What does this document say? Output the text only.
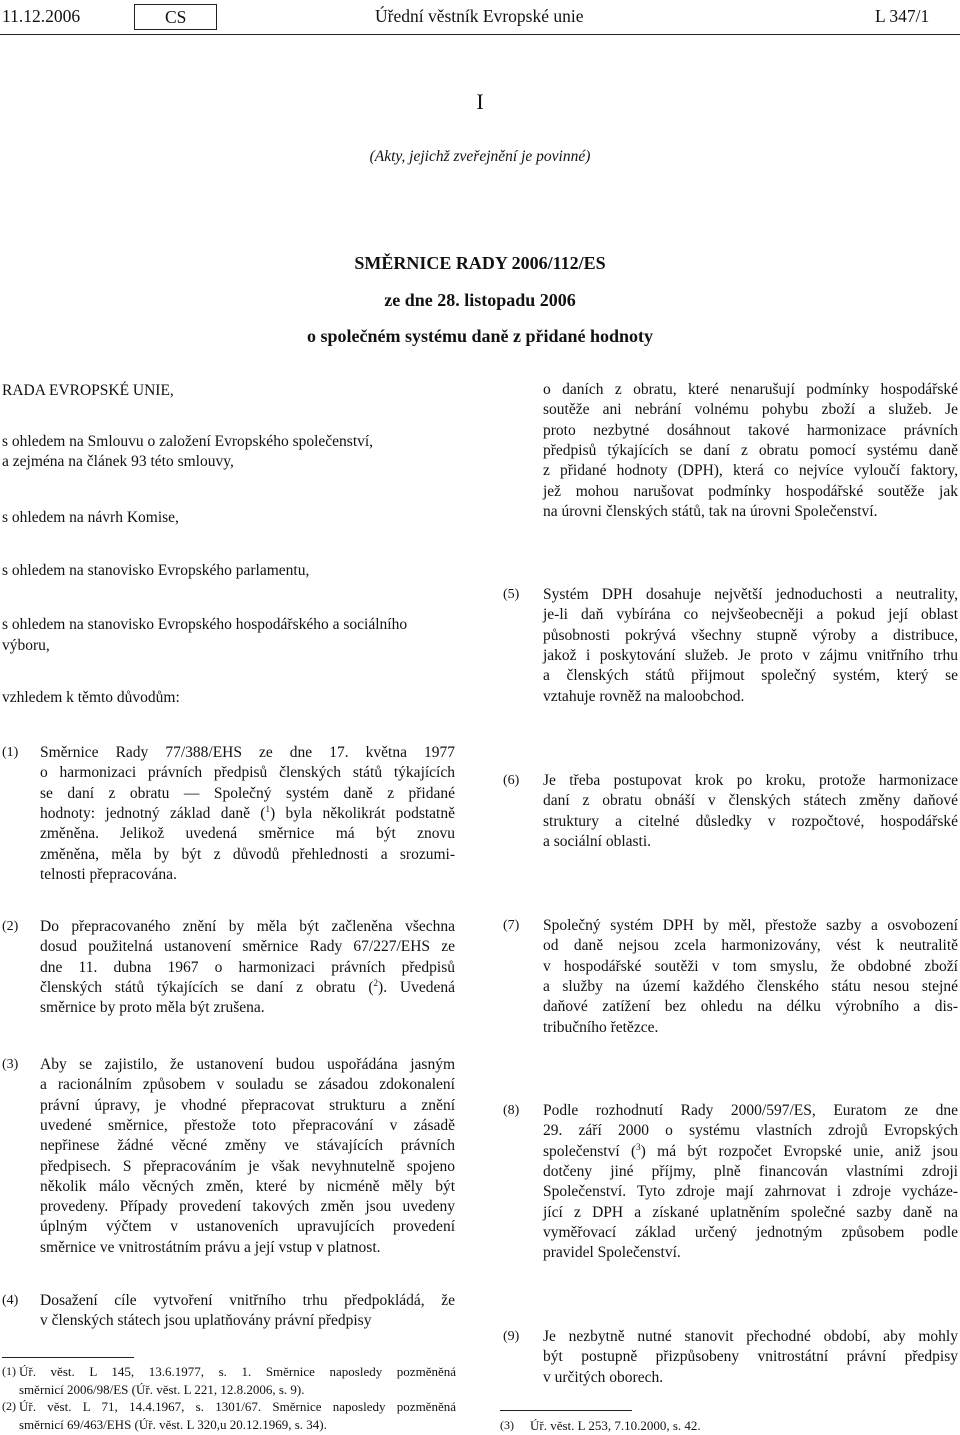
11.12.2006	CS	Úřední věstník Evropské unie	L 347/1
I
(Akty, jejichž zveřejnění je povinné)
SMĚRNICE RADY 2006/112/ES
ze dne 28. listopadu 2006
o společném systému daně z přidané hodnoty
RADA EVROPSKÉ UNIE,
s ohledem na Smlouvu o založení Evropského společenství,
a zejména na článek 93 této smlouvy,
s ohledem na návrh Komise,
s ohledem na stanovisko Evropského parlamentu,
s ohledem na stanovisko Evropského hospodářského a sociálního
výboru,
vzhledem k těmto důvodům:
(1) Směrnice Rady 77/388/EHS ze dne 17. května 1977
o harmonizaci právních předpisů členských států týkajících
se daní z obratu — Společný systém daně z přidané
hodnoty: jednotný základ daně ($^1$) byla několikrát podstatně
změněna. Jelikož uvedená směrnice má být znovu
změněna, měla by být z důvodů přehlednosti a srozumi-
telnosti přepracována.
(2) Do přepracovaného znění by měla být začleněna všechna
dosud použitelná ustanovení směrnice Rady 67/227/EHS ze
dne 11. dubna 1967 o harmonizaci právních předpisů
členských států týkajících se daní z obratu ($^2$). Uvedená
směrnice by proto měla být zrušena.
(3) Aby se zajistilo, že ustanovení budou uspořádána jasným
a racionálním způsobem v souladu se zásadou zdokonalení
právní úpravy, je vhodné přepracovat strukturu a znění
uvedené směrnice, přestože toto přepracování v zásadě
nepřinese žádné věcné změny ve stávajících právních
předpisech. S přepracováním je však nevyhnutelně spojeno
několik málo věcných změn, které by nicméně měly být
provedeny. Případy provedení takových změn jsou uvedeny
úplným výčtem v ustanoveních upravujících provedení
směrnice ve vnitrostátním právu a její vstup v platnost.
(4) Dosažení cíle vytvoření vnitřního trhu předpokládá, že
v členských státech jsou uplatňovány právní předpisy
o daních z obratu, které nenarušují podmínky hospodářské
soutěže ani nebrání volnému pohybu zboží a služeb. Je
proto nezbytné dosáhnout takové harmonizace právních
předpisů týkajících se daní z obratu pomocí systému daně
z přidané hodnoty (DPH), která co nejvíce vyloučí faktory,
jež mohou narušovat podmínky hospodářské soutěže jak
na úrovni členských států, tak na úrovni Společenství.
(5) Systém DPH dosahuje největší jednoduchosti a neutrality,
je-li daň vybírána co nejvšeobecněji a pokud její oblast
působnosti pokrývá všechny stupně výroby a distribuce,
jakož i poskytování služeb. Je proto v zájmu vnitřního trhu
a členských států přijmout společný systém, který se
vztahuje rovněž na maloobchod.
(6) Je třeba postupovat krok po kroku, protože harmonizace
daní z obratu obnáší v členských státech změny daňové
struktury a citelné důsledky v rozpočtové, hospodářské
a sociální oblasti.
(7) Společný systém DPH by měl, přestože sazby a osvobození
od daně nejsou zcela harmonizovány, vést k neutralitě
v hospodářské soutěži v tom smyslu, že obdobné zboží
a služby na území každého členského státu nesou stejné
daňové zatížení bez ohledu na délku výrobního a dis-
tribučního řetězce.
(8) Podle rozhodnutí Rady 2000/597/ES, Euratom ze dne
29. září 2000 o systému vlastních zdrojů Evropských
společenství ($^3$) má být rozpočet Evropské unie, aniž jsou
dotčeny jiné příjmy, plně financován vlastními zdroji
Společenství. Tyto zdroje mají zahrnovat i zdroje vycháze-
jící z DPH a získané uplatněním společné sazby daně na
vyměřovací základ určený jednotným způsobem podle
pravidel Společenství.
(9) Je nezbytně nutné stanovit přechodné období, aby mohly
být postupně přizpůsobeny vnitrostátní právní předpisy
v určitých oborech.
(1) Úř. věst. L 145, 13.6.1977, s. 1. Směrnice naposledy pozměněná
směrnicí 2006/98/ES (Úř. věst. L 221, 12.8.2006, s. 9).
(2) Úř. věst. L 71, 14.4.1967, s. 1301/67. Směrnice naposledy pozměněná
směrnicí 69/463/EHS (Úř. věst. L 320,u 20.12.1969, s. 34).	(3) Úř. věst. L 253, 7.10.2000, s. 42.
